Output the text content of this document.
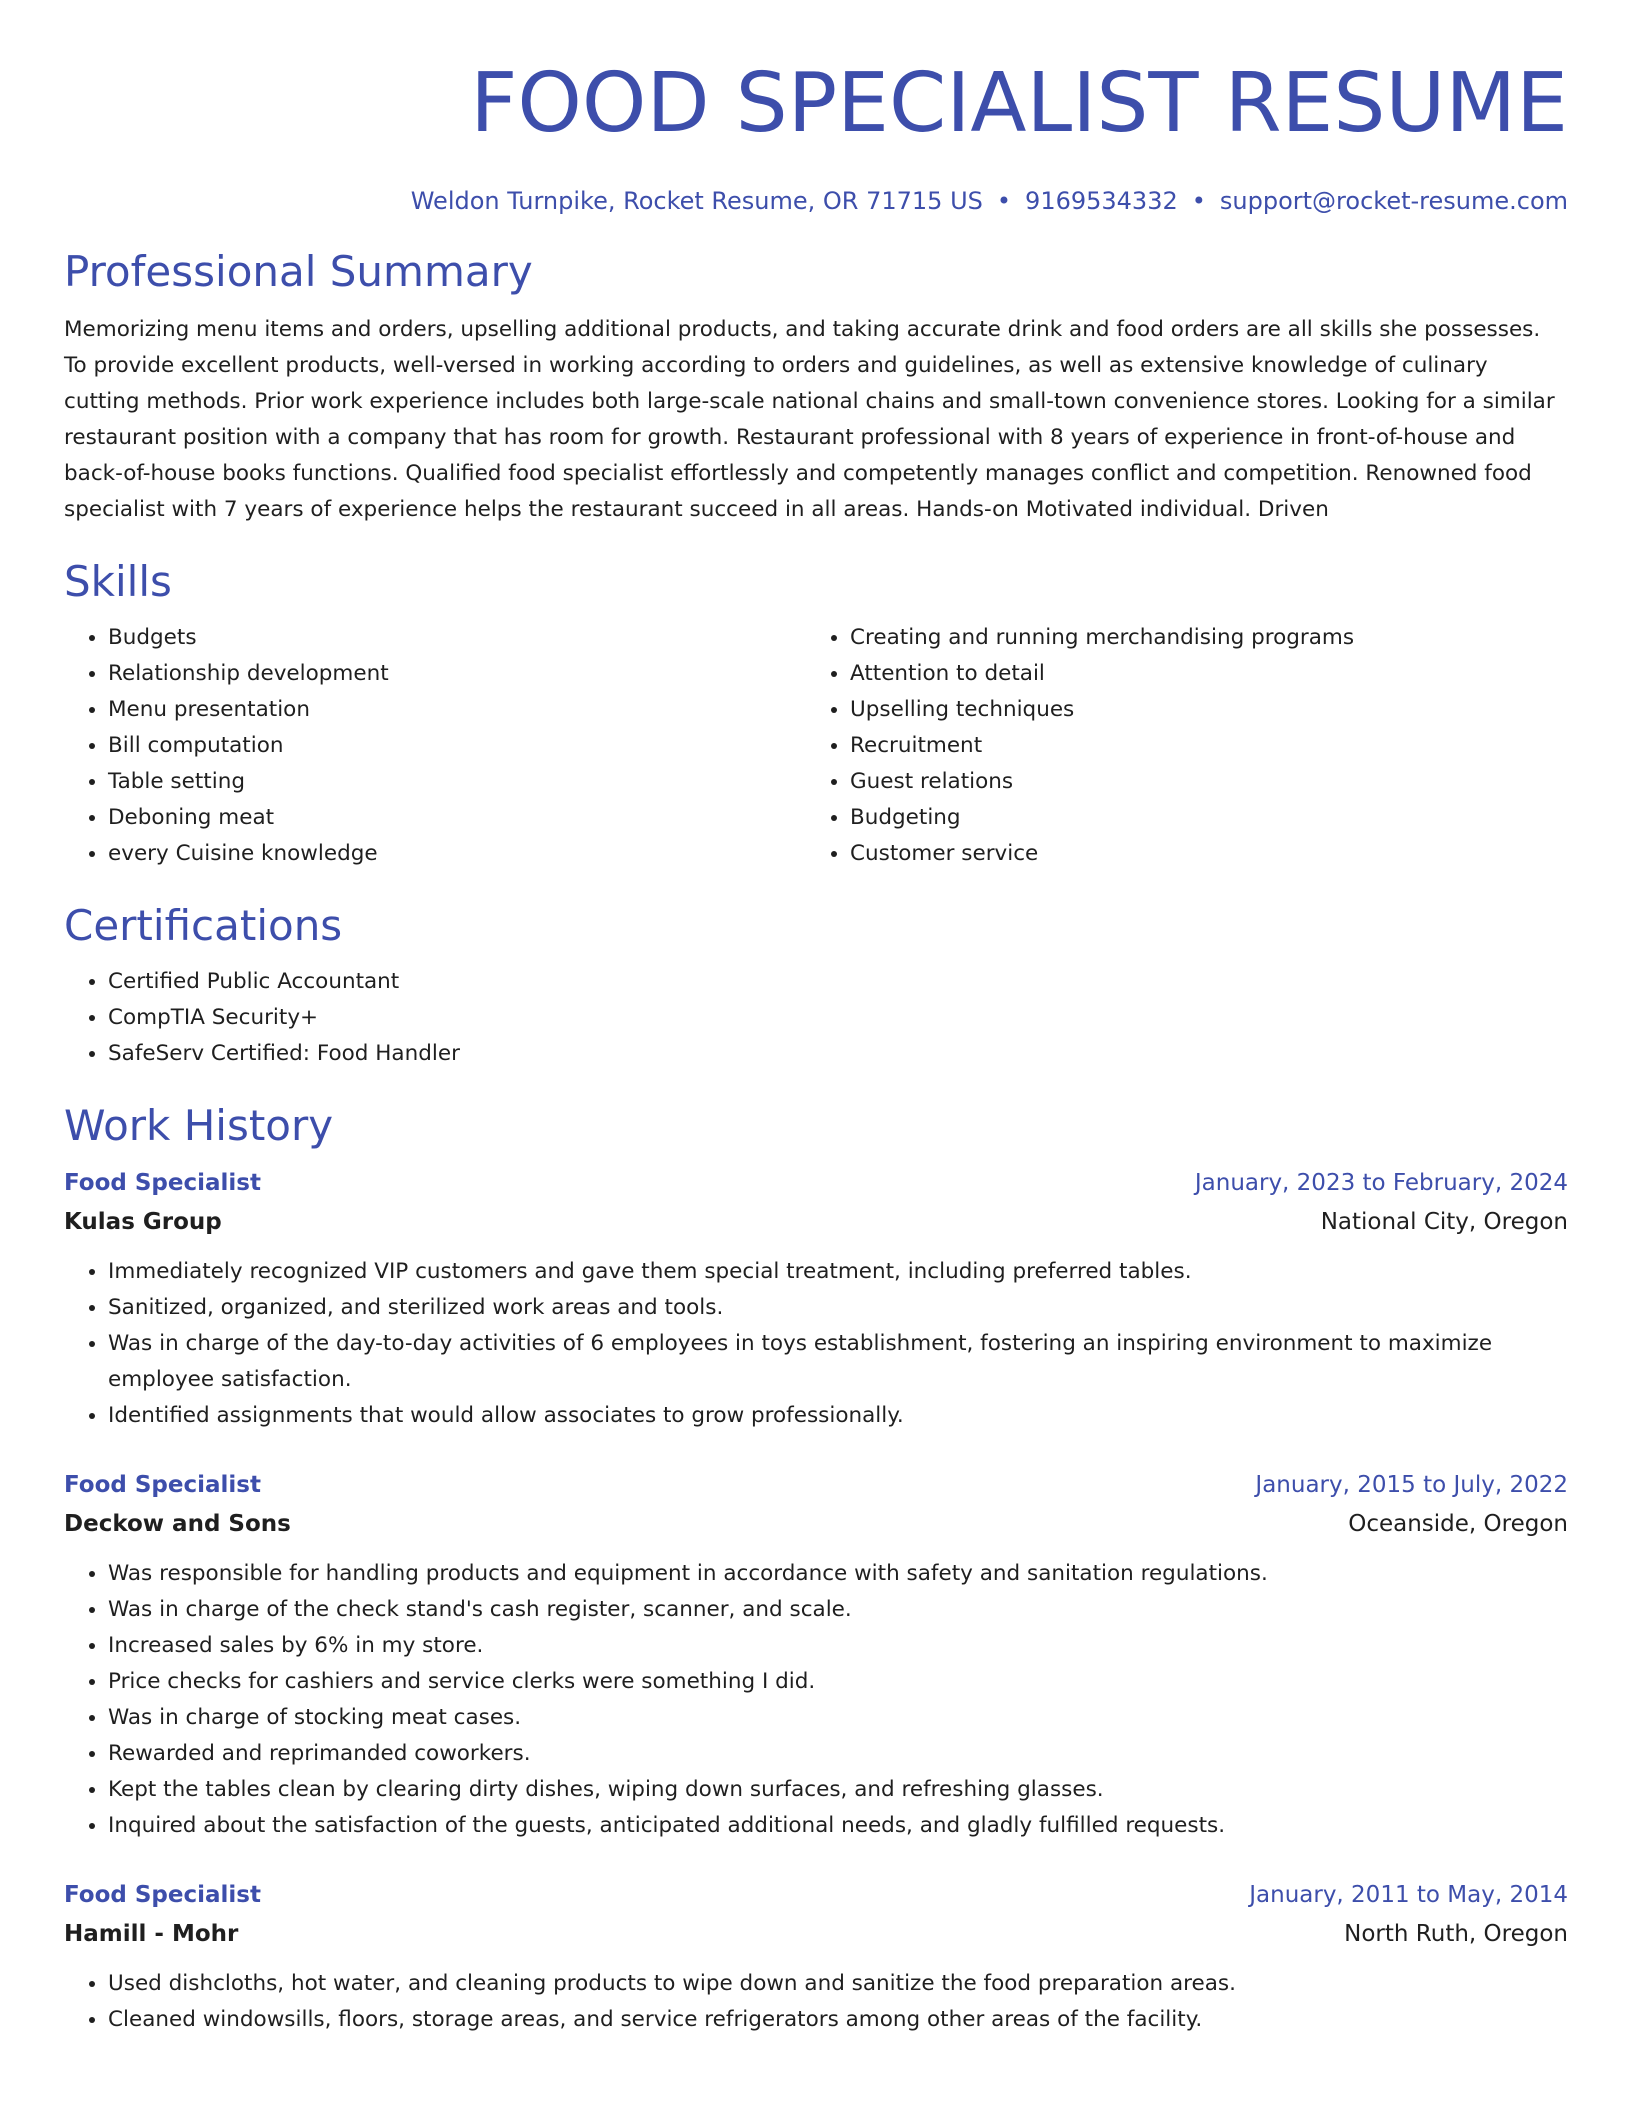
FOOD SPECIALIST RESUME
Weldon Turnpike, Rocket Resume, OR 71715 US • 9169534332 • support@rocket-resume.com
Professional Summary

Memorizing menu items and orders, upselling additional products, and taking accurate drink and food orders are all skills she possesses. To provide excellent products, well-versed in working according to orders and guidelines, as well as extensive knowledge of culinary cutting methods. Prior work experience includes both large-scale national chains and small-town convenience stores. Looking for a similar restaurant position with a company that has room for growth. Restaurant professional with 8 years of experience in front-of-house and back-of-house books functions. Qualified food specialist effortlessly and competently manages conflict and competition. Renowned food specialist with 7 years of experience helps the restaurant succeed in all areas. Hands-on Motivated individual. Driven

Skills
• Budgets
• Relationship development
• Menu presentation
• Bill computation
• Table setting
• Deboning meat
• every Cuisine knowledge
• Creating and running merchandising programs
• Attention to detail
• Upselling techniques
• Recruitment
• Guest relations
• Budgeting
• Customer service
Certifications
• Certified Public Accountant
• CompTIA Security+
• SafeServ Certified: Food Handler
Work History
Food Specialist	January, 2023 to February, 2024
Kulas Group	National City, Oregon
• Immediately recognized VIP customers and gave them special treatment, including preferred tables.
• Sanitized, organized, and sterilized work areas and tools.
• Was in charge of the day-to-day activities of 6 employees in toys establishment, fostering an inspiring environment to maximize employee satisfaction.
• Identified assignments that would allow associates to grow professionally.
Food Specialist	January, 2015 to July, 2022
Deckow and Sons	Oceanside, Oregon
• Was responsible for handling products and equipment in accordance with safety and sanitation regulations.
• Was in charge of the check stand's cash register, scanner, and scale.
• Increased sales by 6% in my store.
• Price checks for cashiers and service clerks were something I did.
• Was in charge of stocking meat cases.
• Rewarded and reprimanded coworkers.
• Kept the tables clean by clearing dirty dishes, wiping down surfaces, and refreshing glasses.
• Inquired about the satisfaction of the guests, anticipated additional needs, and gladly fulfilled requests.
Food Specialist	January, 2011 to May, 2014
Hamill - Mohr	North Ruth, Oregon
• Used dishcloths, hot water, and cleaning products to wipe down and sanitize the food preparation areas.
• Cleaned windowsills, floors, storage areas, and service refrigerators among other areas of the facility.
